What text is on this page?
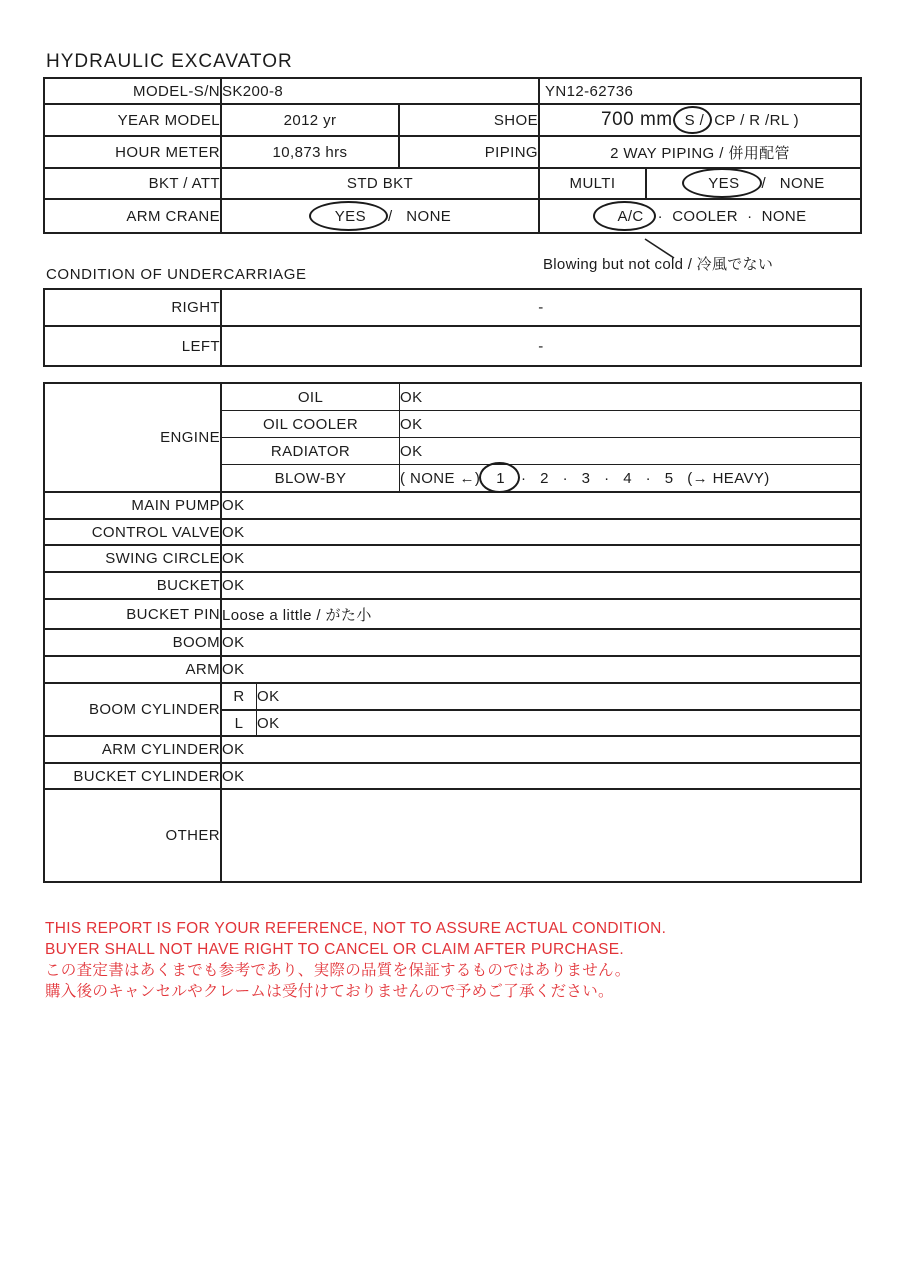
HYDRAULIC EXCAVATOR
MODEL-S/N	SK200-8		YN12-62736	
YEAR MODEL	2012 yr	SHOE	700 mm S / CP / R /RL )	
HOUR METER	10,873 hrs	PIPING	2 WAY PIPING / 併用配管	
BKT / ATT	STD BKT		MULTI	YES /   NONE
ARM CRANE	YES /   NONE		A/C ·  COOLER  ·  NONE	
Blowing but not cold / 冷風でない
CONDITION OF UNDERCARRIAGE
RIGHT	-
LEFT	-
ENGINE	OIL		OK
	OIL COOLER		OK
	RADIATOR		OK
	BLOW-BY		( NONE ←) 1 ·   2   ·   3   ·   4   ·   5   (→ HEAVY)
MAIN PUMP	OK		
CONTROL VALVE	OK		
SWING CIRCLE	OK		
BUCKET	OK		
BUCKET PIN	Loose a little / がた小		
BOOM	OK		
ARM	OK		
BOOM CYLINDER	R	OK	
	L	OK	
ARM CYLINDER	OK		
BUCKET CYLINDER	OK		
OTHER			
THIS REPORT IS FOR YOUR REFERENCE, NOT TO ASSURE ACTUAL CONDITION.
BUYER SHALL NOT HAVE RIGHT TO CANCEL OR CLAIM AFTER PURCHASE.
この査定書はあくまでも参考であり、実際の品質を保証するものではありません。
購入後のキャンセルやクレームは受付けておりませんので予めご了承ください。
